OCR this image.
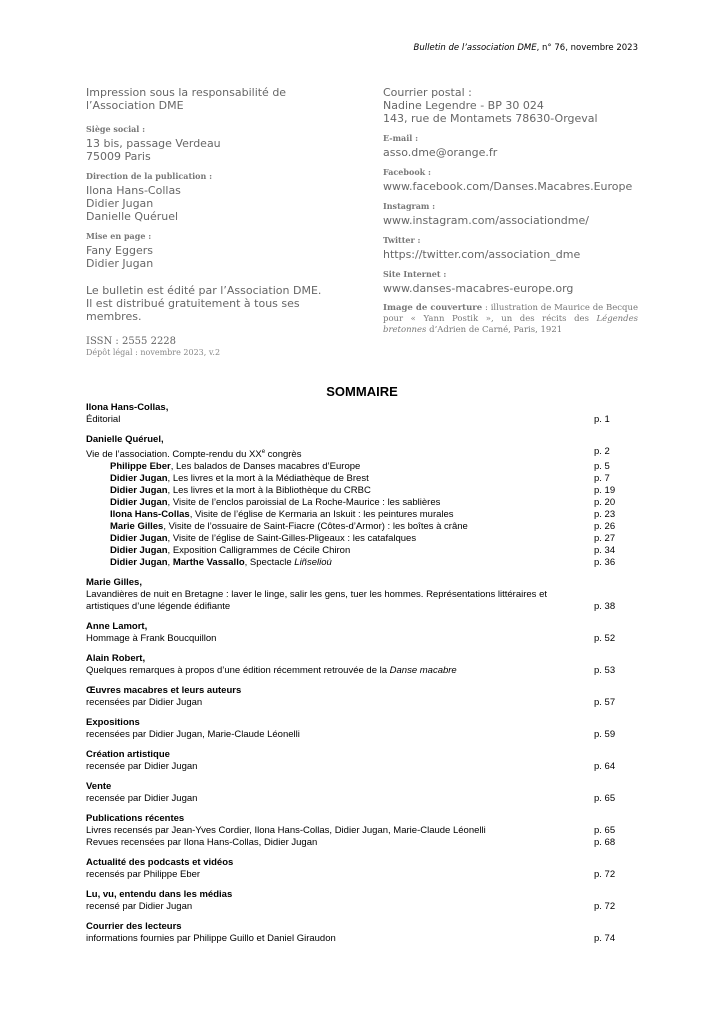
Bulletin de l’association DME, n° 76, novembre 2023
Impression sous la responsabilité de
l’Association DME
Siège social :
13 bis, passage Verdeau
75009 Paris
Direction de la publication :
Ilona Hans-Collas
Didier Jugan
Danielle Quéruel
Mise en page :
Fany Eggers
Didier Jugan
Le bulletin est édité par l’Association DME.
Il est distribué gratuitement à tous ses
membres.
ISSN : 2555 2228
Dépôt légal : novembre 2023, v.2
Courrier postal :
Nadine Legendre - BP 30 024
143, rue de Montamets 78630-Orgeval
E-mail :
asso.dme@orange.fr
Facebook :
www.facebook.com/Danses.Macabres.Europe
Instagram :
www.instagram.com/associationdme/
Twitter :
https://twitter.com/association_dme
Site Internet :
www.danses-macabres-europe.org
Image de couverture : illustration de Maurice de Becque pour « Yann Postik », un des récits des Légendes bretonnes d’Adrien de Carné, Paris, 1921
SOMMAIRE
Ilona Hans-Collas,
Éditorial	p. 1
Danielle Quéruel,
Vie de l’association. Compte-rendu du XXe congrès	p. 2
Philippe Eber, Les balados de Danses macabres d’Europe	p. 5
Didier Jugan, Les livres et la mort à la Médiathèque de Brest	p. 7
Didier Jugan, Les livres et la mort à la Bibliothèque du CRBC	p. 19
Didier Jugan, Visite de l’enclos paroissial de La Roche-Maurice : les sablières	p. 20
Ilona Hans-Collas, Visite de l’église de Kermaria an Iskuit : les peintures murales	p. 23
Marie Gilles, Visite de l’ossuaire de Saint-Fiacre (Côtes-d’Armor) : les boîtes à crâne	p. 26
Didier Jugan, Visite de l’église de Saint-Gilles-Pligeaux : les catafalques	p. 27
Didier Jugan, Exposition Calligrammes de Cécile Chiron	p. 34
Didier Jugan, Marthe Vassallo, Spectacle Liñseliou̇	p. 36
Marie Gilles,
Lavandières de nuit en Bretagne : laver le linge, salir les gens, tuer les hommes. Représentations littéraires et artistiques d’une légende édifiante	p. 38
Anne Lamort,
Hommage à Frank Boucquillon	p. 52
Alain Robert,
Quelques remarques à propos d’une édition récemment retrouvée de la Danse macabre	p. 53
Œuvres macabres et leurs auteurs
recensées par Didier Jugan	p. 57
Expositions
recensées par Didier Jugan, Marie-Claude Léonelli	p. 59
Création artistique
recensée par Didier Jugan	p. 64
Vente
recensée par Didier Jugan	p. 65
Publications récentes
Livres recensés par Jean-Yves Cordier, Ilona Hans-Collas, Didier Jugan, Marie-Claude Léonelli	p. 65
Revues recensées par Ilona Hans-Collas, Didier Jugan	p. 68
Actualité des podcasts et vidéos
recensés par Philippe Eber	p. 72
Lu, vu, entendu dans les médias
recensé par Didier Jugan	p. 72
Courrier des lecteurs
informations fournies par Philippe Guillo et Daniel Giraudon	p. 74
